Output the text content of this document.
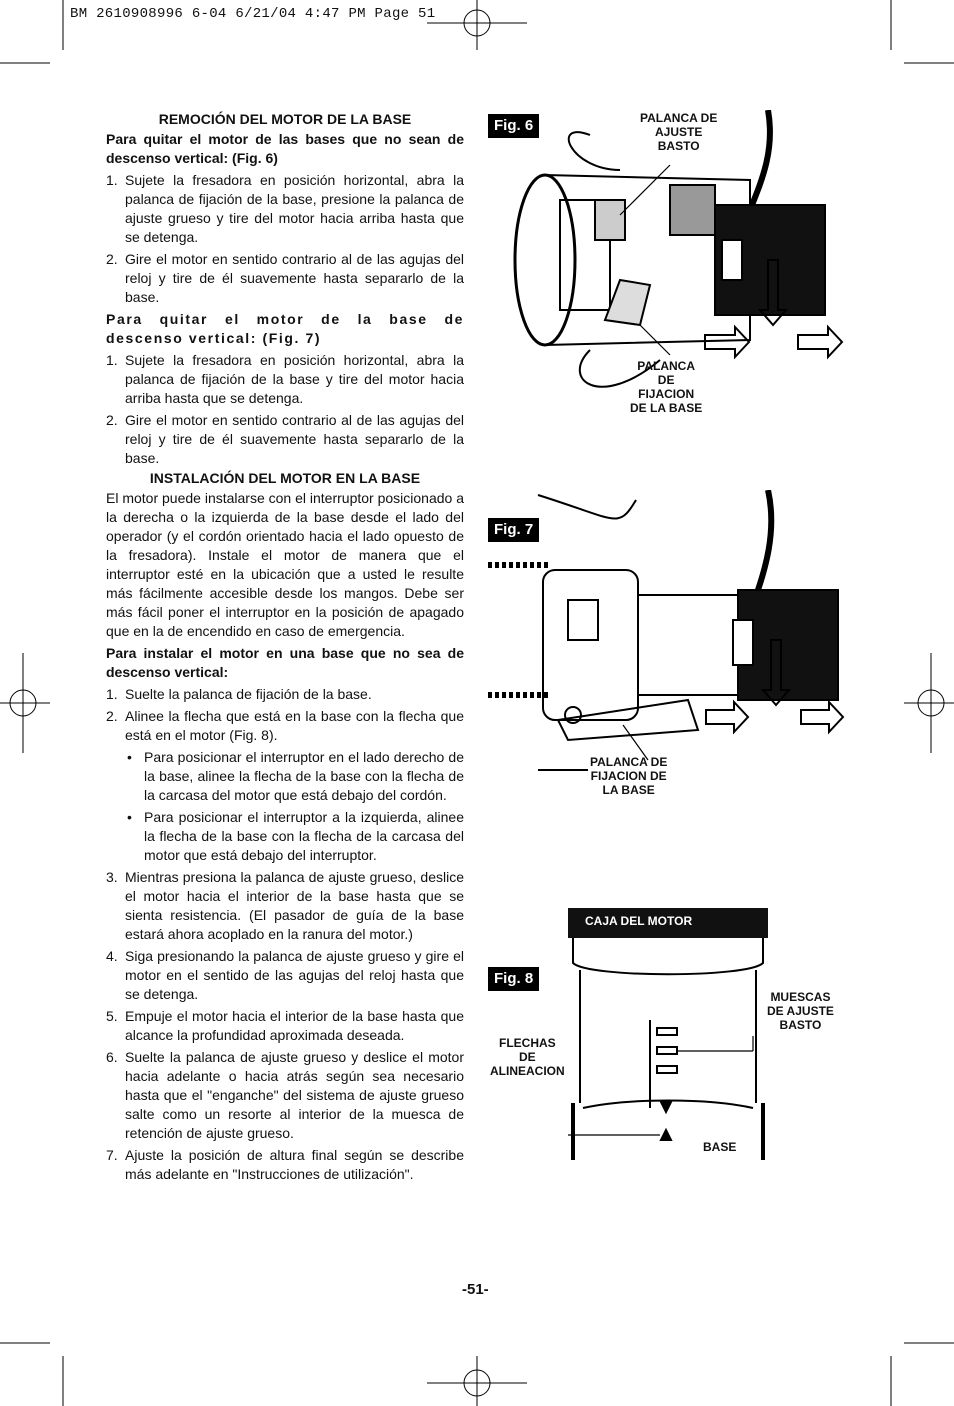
BM 2610908996 6-04 6/21/04 4:47 PM Page 51

REMOCIÓN DEL MOTOR DE LA BASE

Para quitar el motor de las bases que no sean de descenso vertical: (Fig. 6)

1. Sujete la fresadora en posición horizontal, abra la palanca de fijación de la base, presione la palanca de ajuste grueso y tire del motor hacia arriba hasta que se detenga.

2. Gire el motor en sentido contrario al de las agujas del reloj y tire de él suavemente hasta separarlo de la base.

Para quitar el motor de la base de descenso vertical: (Fig. 7)

1. Sujete la fresadora en posición horizontal, abra la palanca de fijación de la base y tire del motor hacia arriba hasta que se detenga.

2. Gire el motor en sentido contrario al de las agujas del reloj y tire de él suavemente hasta separarlo de la base.

INSTALACIÓN DEL MOTOR EN LA BASE

El motor puede instalarse con el interruptor posicionado a la derecha o la izquierda de la base desde el lado del operador (y el cordón orientado hacia el lado opuesto de la fresadora). Instale el motor de manera que el interruptor esté en la ubicación que a usted le resulte más fácilmente accesible desde los mangos. Debe ser más fácil poner el interruptor en la posición de apagado que en la de encendido en caso de emergencia.

Para instalar el motor en una base que no sea de descenso vertical:

1. Suelte la palanca de fijación de la base.

2. Alinee la flecha que está en la base con la flecha que está en el motor (Fig. 8).

• Para posicionar el interruptor en el lado derecho de la base, alinee la flecha de la base con la flecha de la carcasa del motor que está debajo del cordón.

• Para posicionar el interruptor a la izquierda, alinee la flecha de la base con la flecha de la carcasa del motor que está debajo del interruptor.

3. Mientras presiona la palanca de ajuste grueso, deslice el motor hacia el interior de la base hasta que se sienta resistencia. (El pasador de guía de la base estará ahora acoplado en la ranura del motor.)

4. Siga presionando la palanca de ajuste grueso y gire el motor en el sentido de las agujas del reloj hasta que se detenga.

5. Empuje el motor hacia el interior de la base hasta que alcance la profundidad aproximada deseada.

6. Suelte la palanca de ajuste grueso y deslice el motor hacia adelante o hacia atrás según sea necesario hasta que el "enganche" del sistema de ajuste grueso salte como un resorte al interior de la muesca de retención de ajuste grueso.

7. Ajuste la posición de altura final según se describe más adelante en "Instrucciones de utilización".

-51-
Fig. 6	PALANCA DE
AJUSTE
BASTO
PALANCA
DE
FIJACION
DE LA BASE
Fig. 7
PALANCA DE
FIJACION DE
LA BASE
Fig. 8
CAJA DEL MOTOR
MUESCAS
DE AJUSTE
BASTO
FLECHAS
DE
ALINEACION
BASE
